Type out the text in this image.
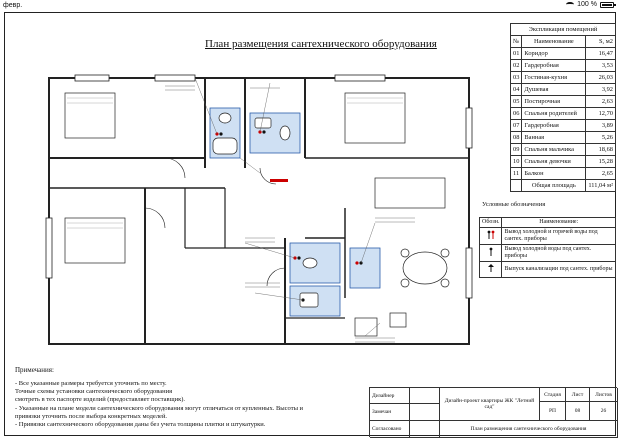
февр.	100 %
План размещения сантехнического оборудования
Экспликация помещений		
№	Наименование	S, м2
01	Коридор	16,47
02	Гардеробная	3,53
03	Гостиная-кухня	26,03
04	Душевая	3,92
05	Постирочная	2,63
06	Спальня родителей	12,70
07	Гардеробная	3,89
08	Ванная	5,26
09	Спальня мальчика	18,68
10	Спальня девочки	15,28
11	Балкон	2,65
	Общая площадь	111,04 м²
Условные обозначения
Обозн.	Наименование:
	Вывод холодной и горячей воды под сантех. приборы
	Вывод холодной воды под сантех. приборы
	Выпуск канализации под сантех. приборы
Примечания:

- Все указанные размеры требуется уточнить по месту.

Точные схемы установки сантехнического оборудования

смотреть в тех паспорте изделий (предоставляет поставщик).

- Указанные на плане модели сантехнического оборудования могут отличаться от купленных. Высоты и

привязки уточнить после выбора конкретных моделей.

- Привязки сантехнического оборудования даны без учета толщины плитки и штукатурки.

Дизайнер
Замечан
Согласовано
Дизайн-проект квартиры ЖК "Летний сад"
План размещения сантехнического оборудования
Стадия	Лист	Листов
РП	08	26
